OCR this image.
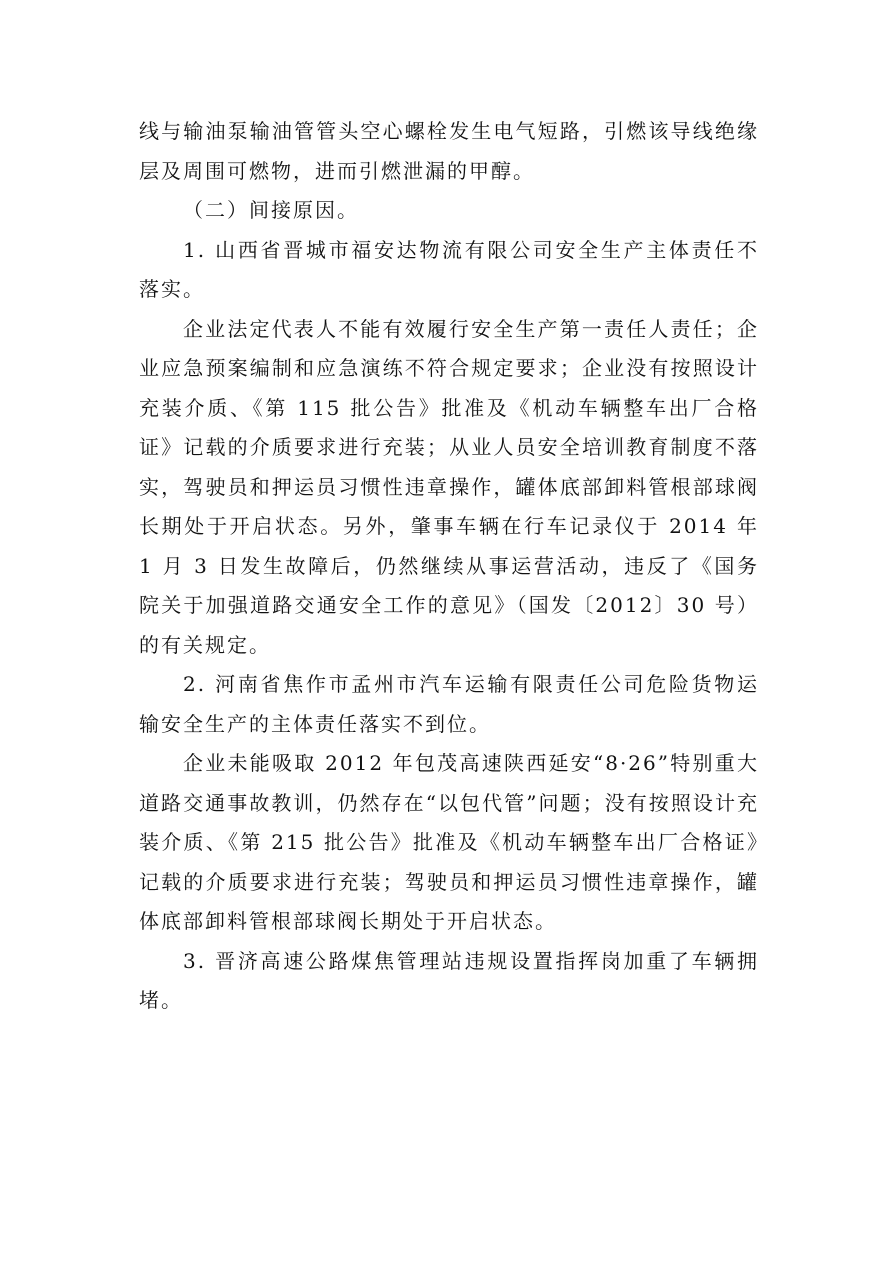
线与输油泵输油管管头空心螺栓发生电气短路，引燃该导线绝缘层及周围可燃物，进而引燃泄漏的甲醇。

（二）间接原因。

1. 山西省晋城市福安达物流有限公司安全生产主体责任不落实。

企业法定代表人不能有效履行安全生产第一责任人责任；企业应急预案编制和应急演练不符合规定要求；企业没有按照设计充装介质、《第 115 批公告》批准及《机动车辆整车出厂合格证》记载的介质要求进行充装；从业人员安全培训教育制度不落实，驾驶员和押运员习惯性违章操作，罐体底部卸料管根部球阀长期处于开启状态。另外，肇事车辆在行车记录仪于 2014 年 1 月 3 日发生故障后，仍然继续从事运营活动，违反了《国务院关于加强道路交通安全工作的意见》（国发〔2012〕30 号）的有关规定。

2. 河南省焦作市孟州市汽车运输有限责任公司危险货物运输安全生产的主体责任落实不到位。

企业未能吸取 2012 年包茂高速陕西延安“8·26”特别重大道路交通事故教训，仍然存在“以包代管”问题；没有按照设计充装介质、《第 215 批公告》批准及《机动车辆整车出厂合格证》记载的介质要求进行充装；驾驶员和押运员习惯性违章操作，罐体底部卸料管根部球阀长期处于开启状态。

3. 晋济高速公路煤焦管理站违规设置指挥岗加重了车辆拥堵。
